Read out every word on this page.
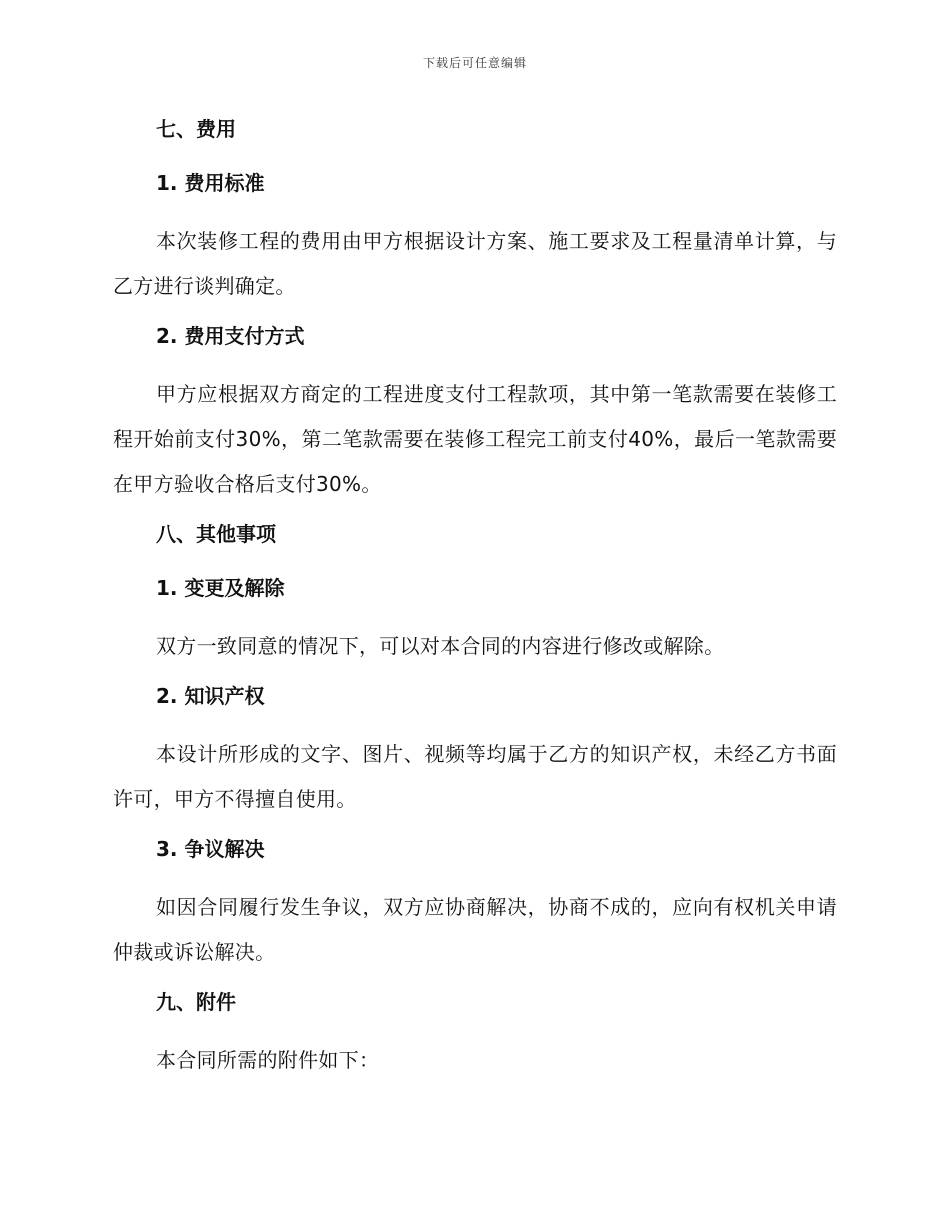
下载后可任意编辑
七、费用
1. 费用标准

本次装修工程的费用由甲方根据设计方案、施工要求及工程量清单计算，与乙方进行谈判确定。

2. 费用支付方式

甲方应根据双方商定的工程进度支付工程款项，其中第一笔款需要在装修工程开始前支付30%，第二笔款需要在装修工程完工前支付40%，最后一笔款需要在甲方验收合格后支付30%。

八、其他事项
1. 变更及解除

双方一致同意的情况下，可以对本合同的内容进行修改或解除。

2. 知识产权

本设计所形成的文字、图片、视频等均属于乙方的知识产权，未经乙方书面许可，甲方不得擅自使用。

3. 争议解决

如因合同履行发生争议，双方应协商解决，协商不成的，应向有权机关申请仲裁或诉讼解决。

九、附件

本合同所需的附件如下：
